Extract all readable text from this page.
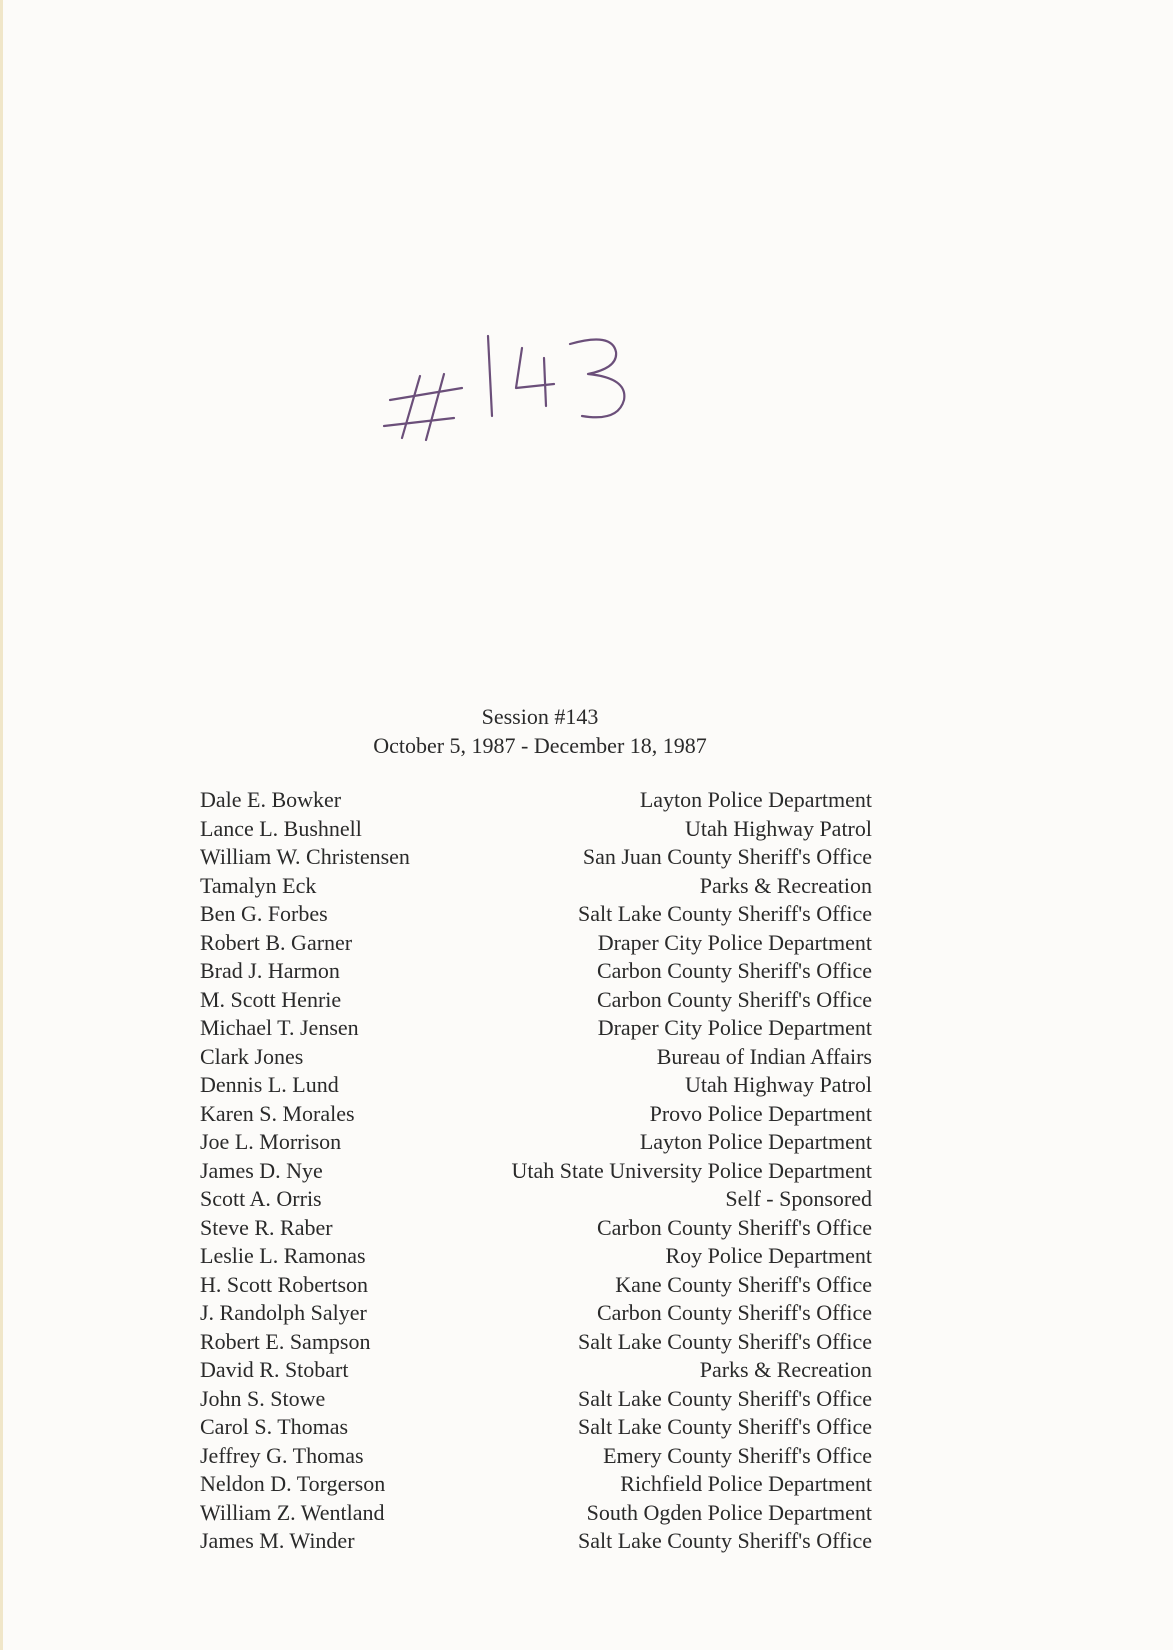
Session #143
October 5, 1987 - December 18, 1987
Dale E. Bowker	Layton Police Department
Lance L. Bushnell	Utah Highway Patrol
William W. Christensen	San Juan County Sheriff's Office
Tamalyn Eck	Parks & Recreation
Ben G. Forbes	Salt Lake County Sheriff's Office
Robert B. Garner	Draper City Police Department
Brad J. Harmon	Carbon County Sheriff's Office
M. Scott Henrie	Carbon County Sheriff's Office
Michael T. Jensen	Draper City Police Department
Clark Jones	Bureau of Indian Affairs
Dennis L. Lund	Utah Highway Patrol
Karen S. Morales	Provo Police Department
Joe L. Morrison	Layton Police Department
James D. Nye	Utah State University Police Department
Scott A. Orris	Self - Sponsored
Steve R. Raber	Carbon County Sheriff's Office
Leslie L. Ramonas	Roy Police Department
H. Scott Robertson	Kane County Sheriff's Office
J. Randolph Salyer	Carbon County Sheriff's Office
Robert E. Sampson	Salt Lake County Sheriff's Office
David R. Stobart	Parks & Recreation
John S. Stowe	Salt Lake County Sheriff's Office
Carol S. Thomas	Salt Lake County Sheriff's Office
Jeffrey G. Thomas	Emery County Sheriff's Office
Neldon D. Torgerson	Richfield Police Department
William Z. Wentland	South Ogden Police Department
James M. Winder	Salt Lake County Sheriff's Office
